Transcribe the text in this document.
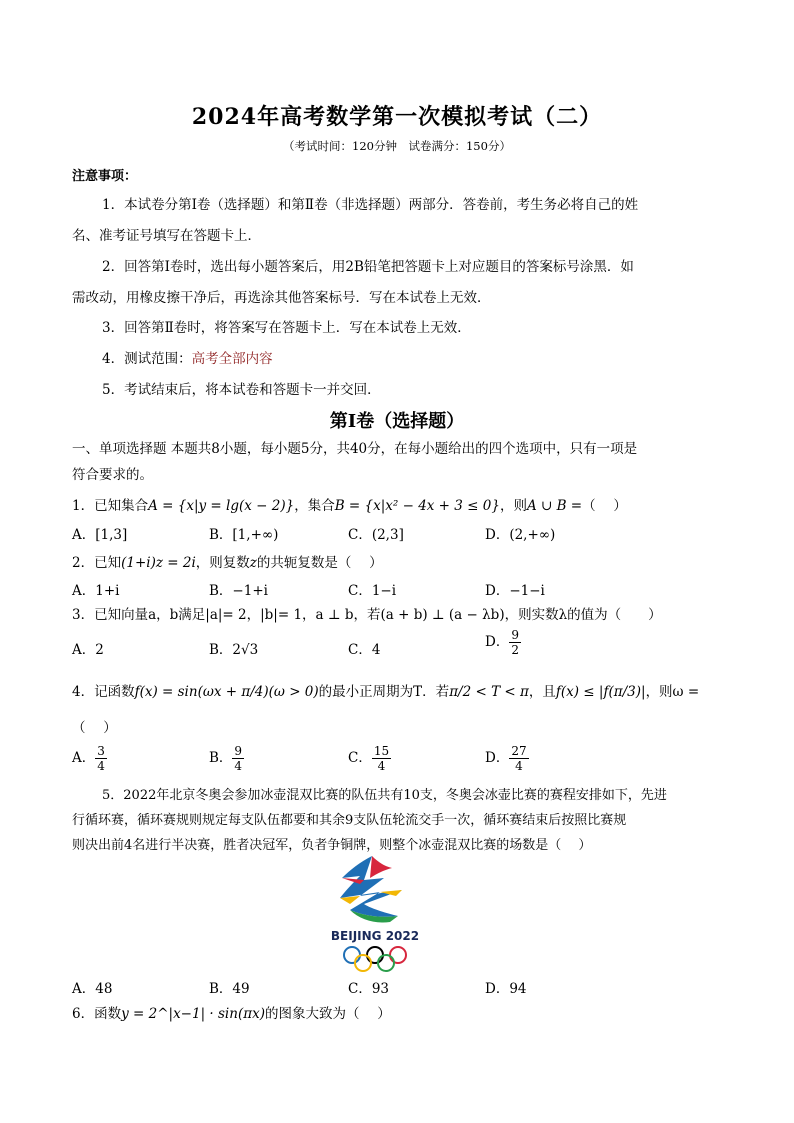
2024年高考数学第一次模拟考试（二）
（考试时间：120分钟　试卷满分：150分）
注意事项：
1．本试卷分第Ⅰ卷（选择题）和第Ⅱ卷（非选择题）两部分．答卷前，考生务必将自己的姓
名、准考证号填写在答题卡上．
2．回答第Ⅰ卷时，选出每小题答案后，用2B铅笔把答题卡上对应题目的答案标号涂黑．如
需改动，用橡皮擦干净后，再选涂其他答案标号．写在本试卷上无效．
3．回答第Ⅱ卷时，将答案写在答题卡上．写在本试卷上无效．
4．测试范围：高考全部内容
5．考试结束后，将本试卷和答题卡一并交回．
第Ⅰ卷（选择题）
一、单项选择题 本题共8小题，每小题5分，共40分，在每小题给出的四个选项中，只有一项是
符合要求的。
1．已知集合A = {x|y = lg(x − 2)}，集合B = {x|x² − 4x + 3 ≤ 0}，则A ∪ B =（　 ）
A．[1,3]	B．[1,+∞)	C．(2,3]	D．(2,+∞)
2．已知(1+i)z = 2i，则复数z的共轭复数是（　 ）
A．1+i	B．−1+i	C．1−i	D．−1−i
3．已知向量a，b满足|a|= 2，|b|= 1，a ⊥ b，若(a + b) ⊥ (a − λb)，则实数λ的值为（　　）
A．2	B．2√3	C．4	D． $\frac{9}{2}$
4．记函数f(x) = sin(ωx + π/4)(ω > 0)的最小正周期为T．若π/2 < T < π，且f(x) ≤ |f(π/3)|，则ω =
（　 ）
A． $\frac{3}{4}$	B． $\frac{9}{4}$	C． $\frac{15}{4}$	D． $\frac{27}{4}$
5．2022年北京冬奥会参加冰壶混双比赛的队伍共有10支，冬奥会冰壶比赛的赛程安排如下，先进
行循环赛，循环赛规则规定每支队伍都要和其余9支队伍轮流交手一次，循环赛结束后按照比赛规
则决出前4名进行半决赛，胜者决冠军，负者争铜牌，则整个冰壶混双比赛的场数是（　 ）
BEIJING 2022
A．48	B．49	C．93	D．94
6．函数y = 2^|x−1| · sin(πx)的图象大致为（　 ）
